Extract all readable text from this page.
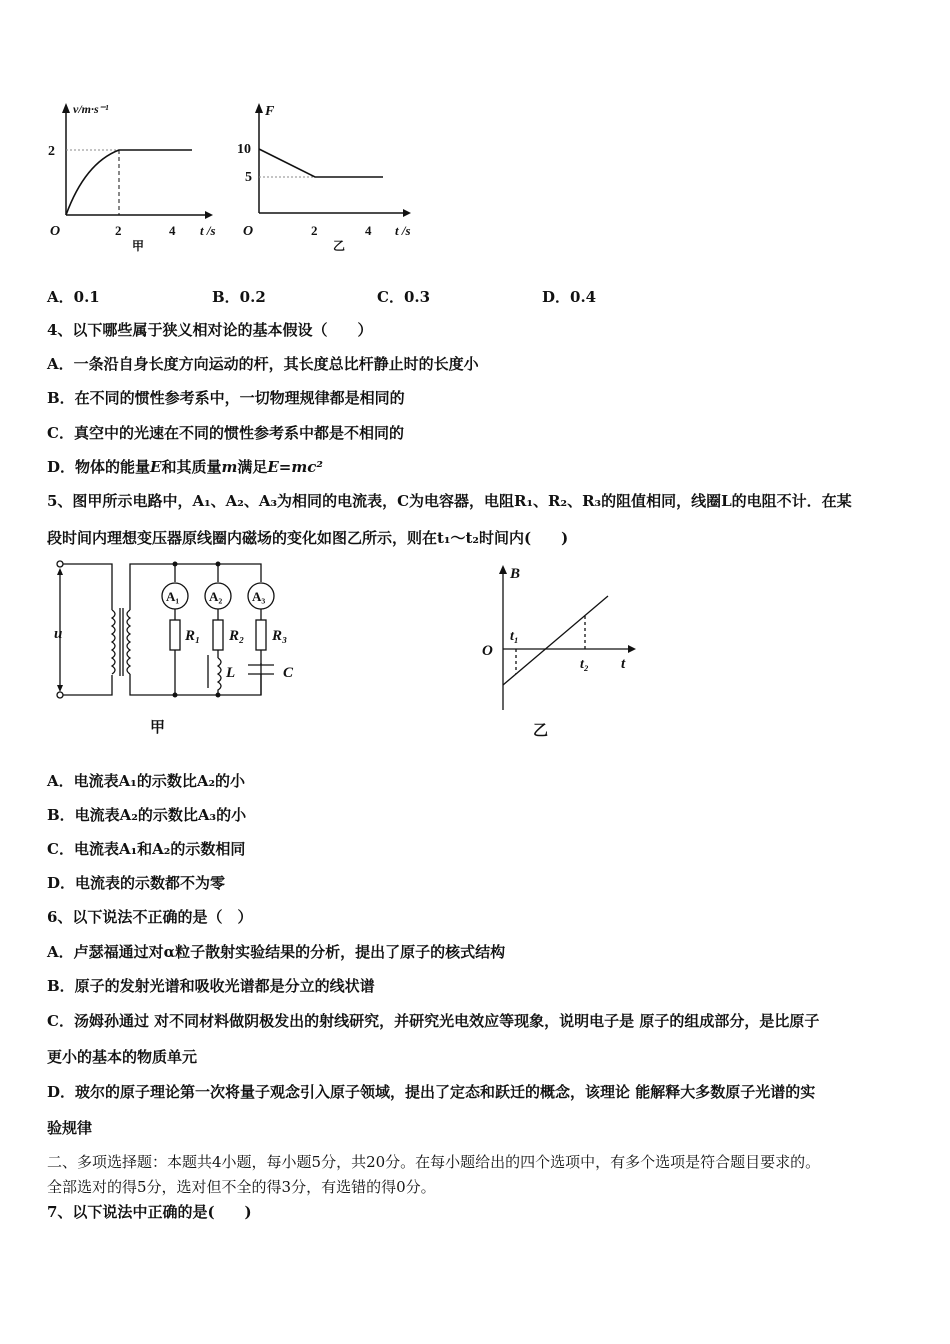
v/m·s⁻¹
2
O	2	4 t /s
甲
F
10
5
O	2	4 t /s
乙
A．0.1	B．0.2	C．0.3	D．0.4
4、以下哪些属于狭义相对论的基本假设（　　）
A．一条沿自身长度方向运动的杆，其长度总比杆静止时的长度小
B．在不同的惯性参考系中，一切物理规律都是相同的
C．真空中的光速在不同的惯性参考系中都是不相同的
D．物体的能量E和其质量m满足E=mc²
5、图甲所示电路中，A₁、A₂、A₃为相同的电流表，C为电容器，电阻R₁、R₂、R₃的阻值相同，线圈L的电阻不计．在某
段时间内理想变压器原线圈内磁场的变化如图乙所示，则在t₁～t₂时间内(　　)
u
A₁ A₂ A₃
R₁ R₂ R₃
L	C
甲
B
O
t₁
t₂ t
乙
A．电流表A₁的示数比A₂的小
B．电流表A₂的示数比A₃的小
C．电流表A₁和A₂的示数相同
D．电流表的示数都不为零
6、以下说法不正确的是（　）
A．卢瑟福通过对α粒子散射实验结果的分析，提出了原子的核式结构
B．原子的发射光谱和吸收光谱都是分立的线状谱
C．汤姆孙通过 对不同材料做阴极发出的射线研究，并研究光电效应等现象，说明电子是 原子的组成部分，是比原子
更小的基本的物质单元
D．玻尔的原子理论第一次将量子观念引入原子领域，提出了定态和跃迁的概念，该理论 能解释大多数原子光谱的实
验规律
二、多项选择题：本题共4小题，每小题5分，共20分。在每小题给出的四个选项中，有多个选项是符合题目要求的。
全部选对的得5分，选对但不全的得3分，有选错的得0分。
7、以下说法中正确的是(　　)
